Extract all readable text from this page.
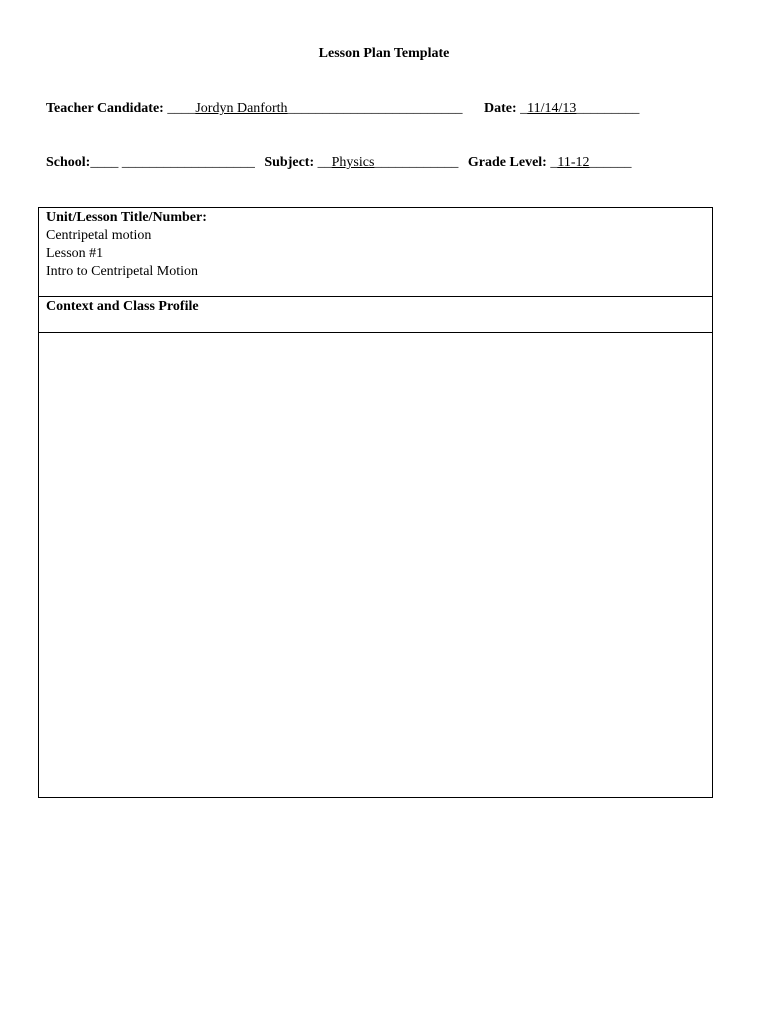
Lesson Plan Template
Teacher Candidate: ____Jordyn Danforth_________________________ Date: _11/14/13_________
School:____ ___________________ Subject: __Physics____________ Grade Level: _11-12______
Unit/Lesson Title/Number:
Centripetal motion
Lesson #1
Intro to Centripetal Motion
Context and Class Profile
